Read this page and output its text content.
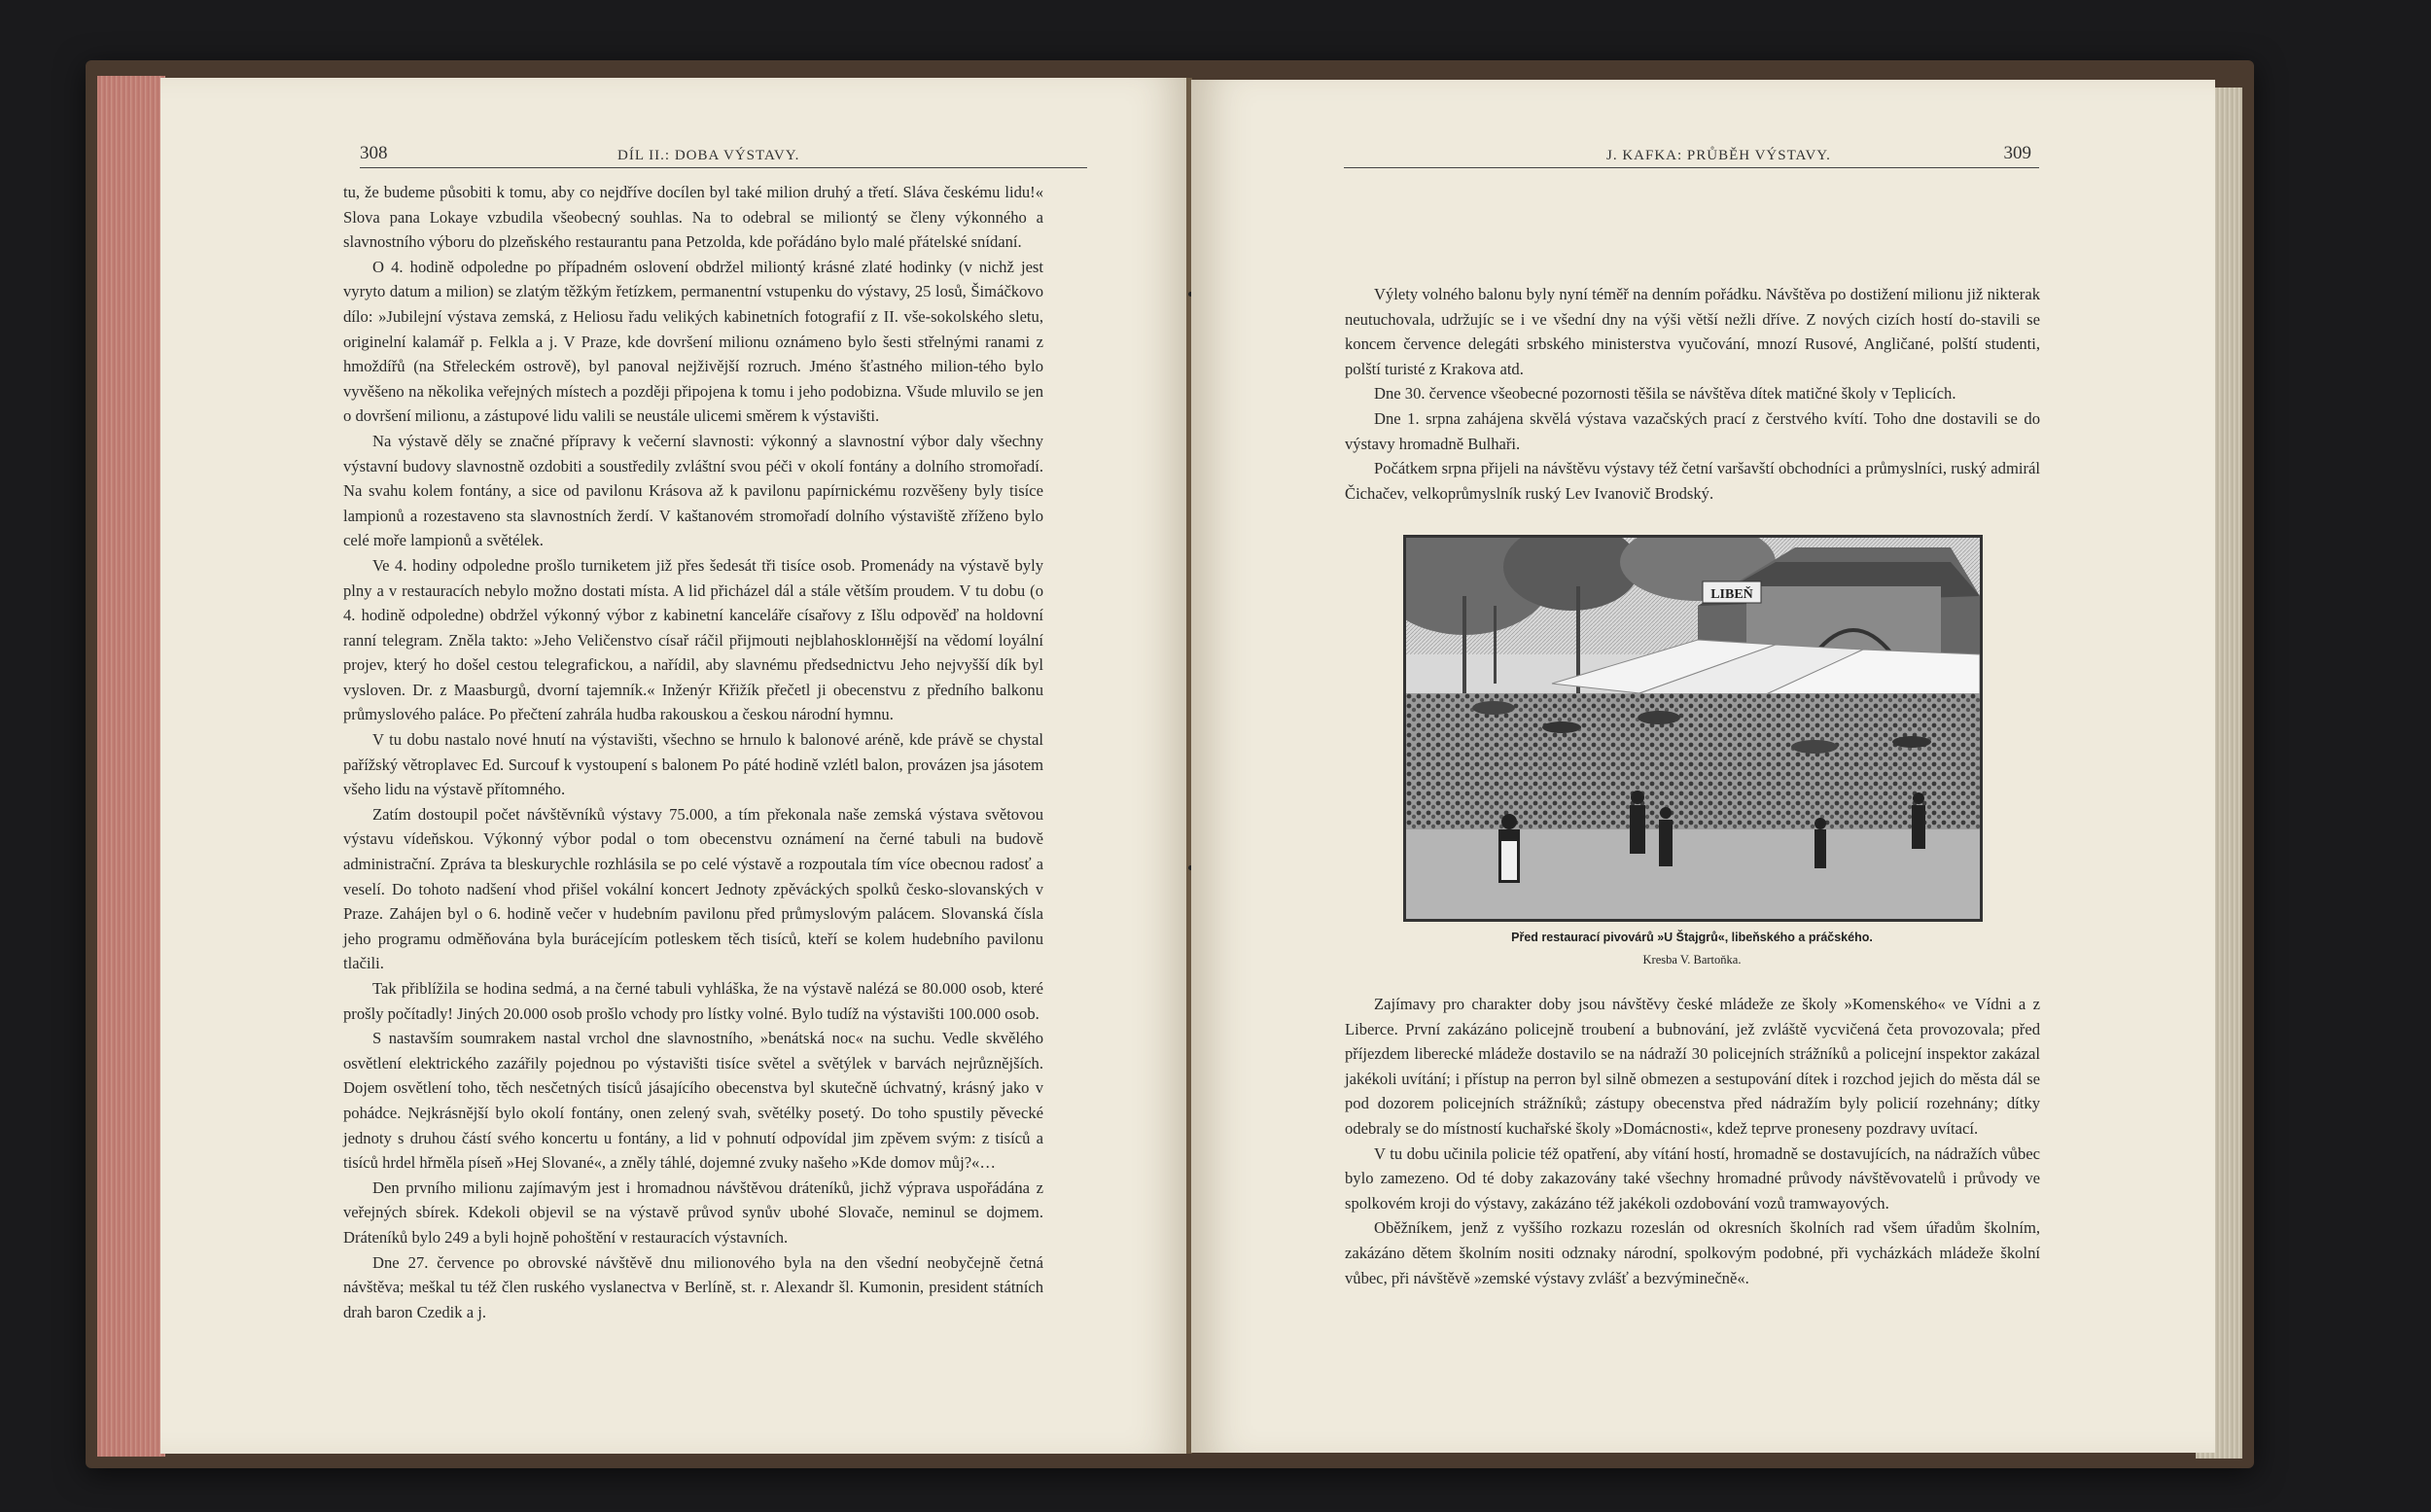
308	DÍL II.: DOBA VÝSTAVY.

tu, že budeme působiti k tomu, aby co nejdříve docílen byl také milion druhý a třetí. Sláva českému lidu!« Slova pana Lokaye vzbudila všeobecný souhlas. Na to odebral se miliontý se členy výkonného a slavnostního výboru do plzeňského restaurantu pana Petzolda, kde pořádáno bylo malé přátelské snídaní.

O 4. hodině odpoledne po případném oslovení obdržel miliontý krásné zlaté hodinky (v nichž jest vyryto datum a milion) se zlatým těžkým řetízkem, permanentní vstupenku do výstavy, 25 losů, Šimáčkovo dílo: »Jubilejní výstava zemská, z Heliosu řadu velikých kabinetních fotografií z II. vše-sokolského sletu, originelní kalamář p. Felkla a j. V Praze, kde dovršení milionu oznámeno bylo šesti střelnými ranami z hmoždířů (na Střeleckém ostrově), byl panoval nejživější rozruch. Jméno šťastného milion-tého bylo vyvěšeno na několika veřejných místech a později připojena k tomu i jeho podobizna. Všude mluvilo se jen o dovršení milionu, a zástupové lidu valili se neustále ulicemi směrem k výstavišti.

Na výstavě děly se značné přípravy k večerní slavnosti: výkonný a slavnostní výbor daly všechny výstavní budovy slavnostně ozdobiti a soustředily zvláštní svou péči v okolí fontány a dolního stromořadí. Na svahu kolem fontány, a sice od pavilonu Krásova až k pavilonu papírnickému rozvěšeny byly tisíce lampionů a rozestaveno sta slavnostních žerdí. V kaštanovém stromořadí dolního výstaviště zříženo bylo celé moře lampionů a světélek.

Ve 4. hodiny odpoledne prošlo turniketem již přes šedesát tři tisíce osob. Promenády na výstavě byly plny a v restauracích nebylo možno dostati místa. A lid přicházel dál a stále větším proudem. V tu dobu (o 4. hodině odpoledne) obdržel výkonný výbor z kabinetní kanceláře císařovy z Išlu odpověď na holdovní ranní telegram. Zněla takto: »Jeho Veličenstvo císař ráčil přijmouti nejblahoskloннější na vědomí loyální projev, který ho došel cestou telegrafickou, a nařídil, aby slavnému předsednictvu Jeho nejvyšší dík byl vysloven. Dr. z Maasburgů, dvorní tajemník.« Inženýr Křižík přečetl ji obecenstvu z předního balkonu průmyslového paláce. Po přečtení zahrála hudba rakouskou a českou národní hymnu.

V tu dobu nastalo nové hnutí na výstavišti, všechno se hrnulo k balonové aréně, kde právě se chystal pařížský větroplavec Ed. Surcouf k vystoupení s balonem Po páté hodině vzlétl balon, provázen jsa jásotem všeho lidu na výstavě přítomného.

Zatím dostoupil počet návštěvníků výstavy 75.000, a tím překonala naše zemská výstava světovou výstavu vídeňskou. Výkonný výbor podal o tom obecenstvu oznámení na černé tabuli na budově administrační. Zpráva ta bleskurychle rozhlásila se po celé výstavě a rozpoutala tím více obecnou radosť a veselí. Do tohoto nadšení vhod přišel vokální koncert Jednoty zpěváckých spolků česko-slovanských v Praze. Zahájen byl o 6. hodině večer v hudebním pavilonu před průmyslovým palácem. Slovanská čísla jeho programu odměňována byla burácejícím potleskem těch tisíců, kteří se kolem hudebního pavilonu tlačili.

Tak přiblížila se hodina sedmá, a na černé tabuli vyhláška, že na výstavě nalézá se 80.000 osob, které prošly počítadly! Jiných 20.000 osob prošlo vchody pro lístky volné. Bylo tudíž na výstavišti 100.000 osob.

S nastavším soumrakem nastal vrchol dne slavnostního, »benátská noc« na suchu. Vedle skvělého osvětlení elektrického zazářily pojednou po výstavišti tisíce světel a světýlek v barvách nejrůznějších. Dojem osvětlení toho, těch nesčetných tisíců jásajícího obecenstva byl skutečně úchvatný, krásný jako v pohádce. Nejkrásnější bylo okolí fontány, onen zelený svah, světélky posetý. Do toho spustily pěvecké jednoty s druhou částí svého koncertu u fontány, a lid v pohnutí odpovídal jim zpěvem svým: z tisíců a tisíců hrdel hřměla píseň »Hej Slované«, a zněly táhlé, dojemné zvuky našeho »Kde domov můj?«…

Den prvního milionu zajímavým jest i hromadnou návštěvou dráteníků, jichž výprava uspořádána z veřejných sbírek. Kdekoli objevil se na výstavě průvod synův ubohé Slovače, neminul se dojmem. Dráteníků bylo 249 a byli hojně pohoštění v restauracích výstavních.

Dne 27. července po obrovské návštěvě dnu milionového byla na den všední neobyčejně četná návštěva; meškal tu též člen ruského vyslanectva v Berlíně, st. r. Alexandr šl. Kumonin, president státních drah baron Czedik a j.

J. KAFKA: PRŮBĚH VÝSTAVY.	309

Výlety volného balonu byly nyní téměř na denním pořádku. Návštěva po dostižení milionu již nikterak neutuchovala, udržujíc se i ve všední dny na výši větší nežli dříve. Z nových cizích hostí do-stavili se koncem července delegáti srbského ministerstva vyučování, mnozí Rusové, Angličané, polští studenti, polští turisté z Krakova atd.

Dne 30. července všeobecné pozornosti těšila se návštěva dítek matičné školy v Teplicích.

Dne 1. srpna zahájena skvělá výstava vazačských prací z čerstvého kvítí. Toho dne dostavili se do výstavy hromadně Bulhaři.

Počátkem srpna přijeli na návštěvu výstavy též četní varšavští obchodníci a průmyslníci, ruský admirál Čichačev, velkoprůmyslník ruský Lev Ivanovič Brodský.

LIBEŇ
Před restaurací pivovárů »U Štajgrů«, libeňského a práčského.
Kresba V. Bartoňka.

Zajímavy pro charakter doby jsou návštěvy české mládeže ze školy »Komenského« ve Vídni a z Liberce. První zakázáno policejně troubení a bubnování, jež zvláště vycvičená četa provozovala; před příjezdem liberecké mládeže dostavilo se na nádraží 30 policejních strážníků a policejní inspektor zakázal jakékoli uvítání; i přístup na perron byl silně obmezen a sestupování dítek i rozchod jejich do města dál se pod dozorem policejních strážníků; zástupy obecenstva před nádražím byly policií rozehnány; dítky odebraly se do místností kuchařské školy »Domácnosti«, kdež teprve proneseny pozdravy uvítací.

V tu dobu učinila policie též opatření, aby vítání hostí, hromadně se dostavujících, na nádražích vůbec bylo zamezeno. Od té doby zakazovány také všechny hromadné průvody návštěvovatelů i průvody ve spolkovém kroji do výstavy, zakázáno též jakékoli ozdobování vozů tramwayových.

Oběžníkem, jenž z vyššího rozkazu rozeslán od okresních školních rad všem úřadům školním, zakázáno dětem školním nositi odznaky národní, spolkovým podobné, při vycházkách mládeže školní vůbec, při návštěvě »zemské výstavy zvlášť a bezvýminečně«.
